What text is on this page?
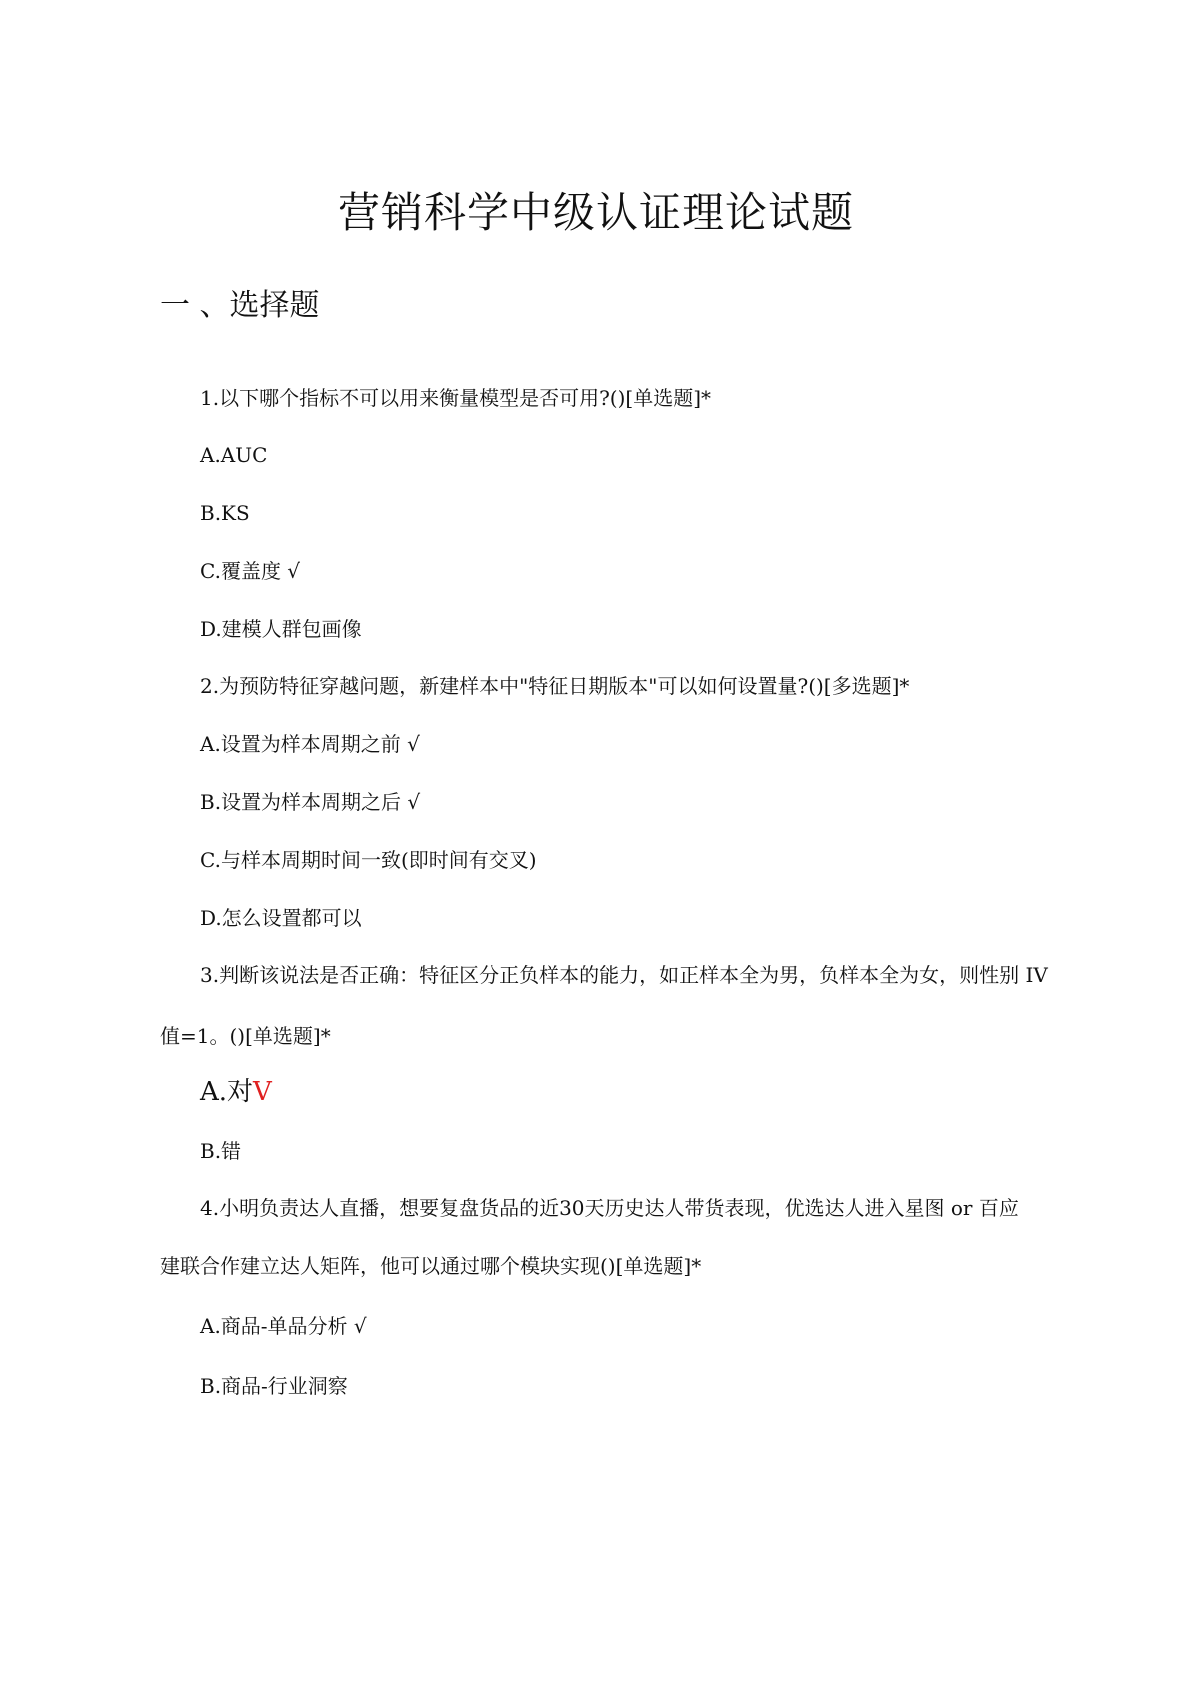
营销科学中级认证理论试题
一 、选择题
1.以下哪个指标不可以用来衡量模型是否可用?()[单选题]*
A.AUC
B.KS
C.覆盖度 √
D.建模人群包画像
2.为预防特征穿越问题，新建样本中"特征日期版本"可以如何设置量?()[多选题]*
A.设置为样本周期之前 √
B.设置为样本周期之后 √
C.与样本周期时间一致(即时间有交叉)
D.怎么设置都可以
3.判断该说法是否正确：特征区分正负样本的能力，如正样本全为男，负样本全为女，则性别 IV
值=1。()[单选题]*
A.对V
B.错
4.小明负责达人直播，想要复盘货品的近30天历史达人带货表现，优选达人进入星图 or 百应
建联合作建立达人矩阵，他可以通过哪个模块实现()[单选题]*
A.商品-单品分析 √
B.商品-行业洞察
